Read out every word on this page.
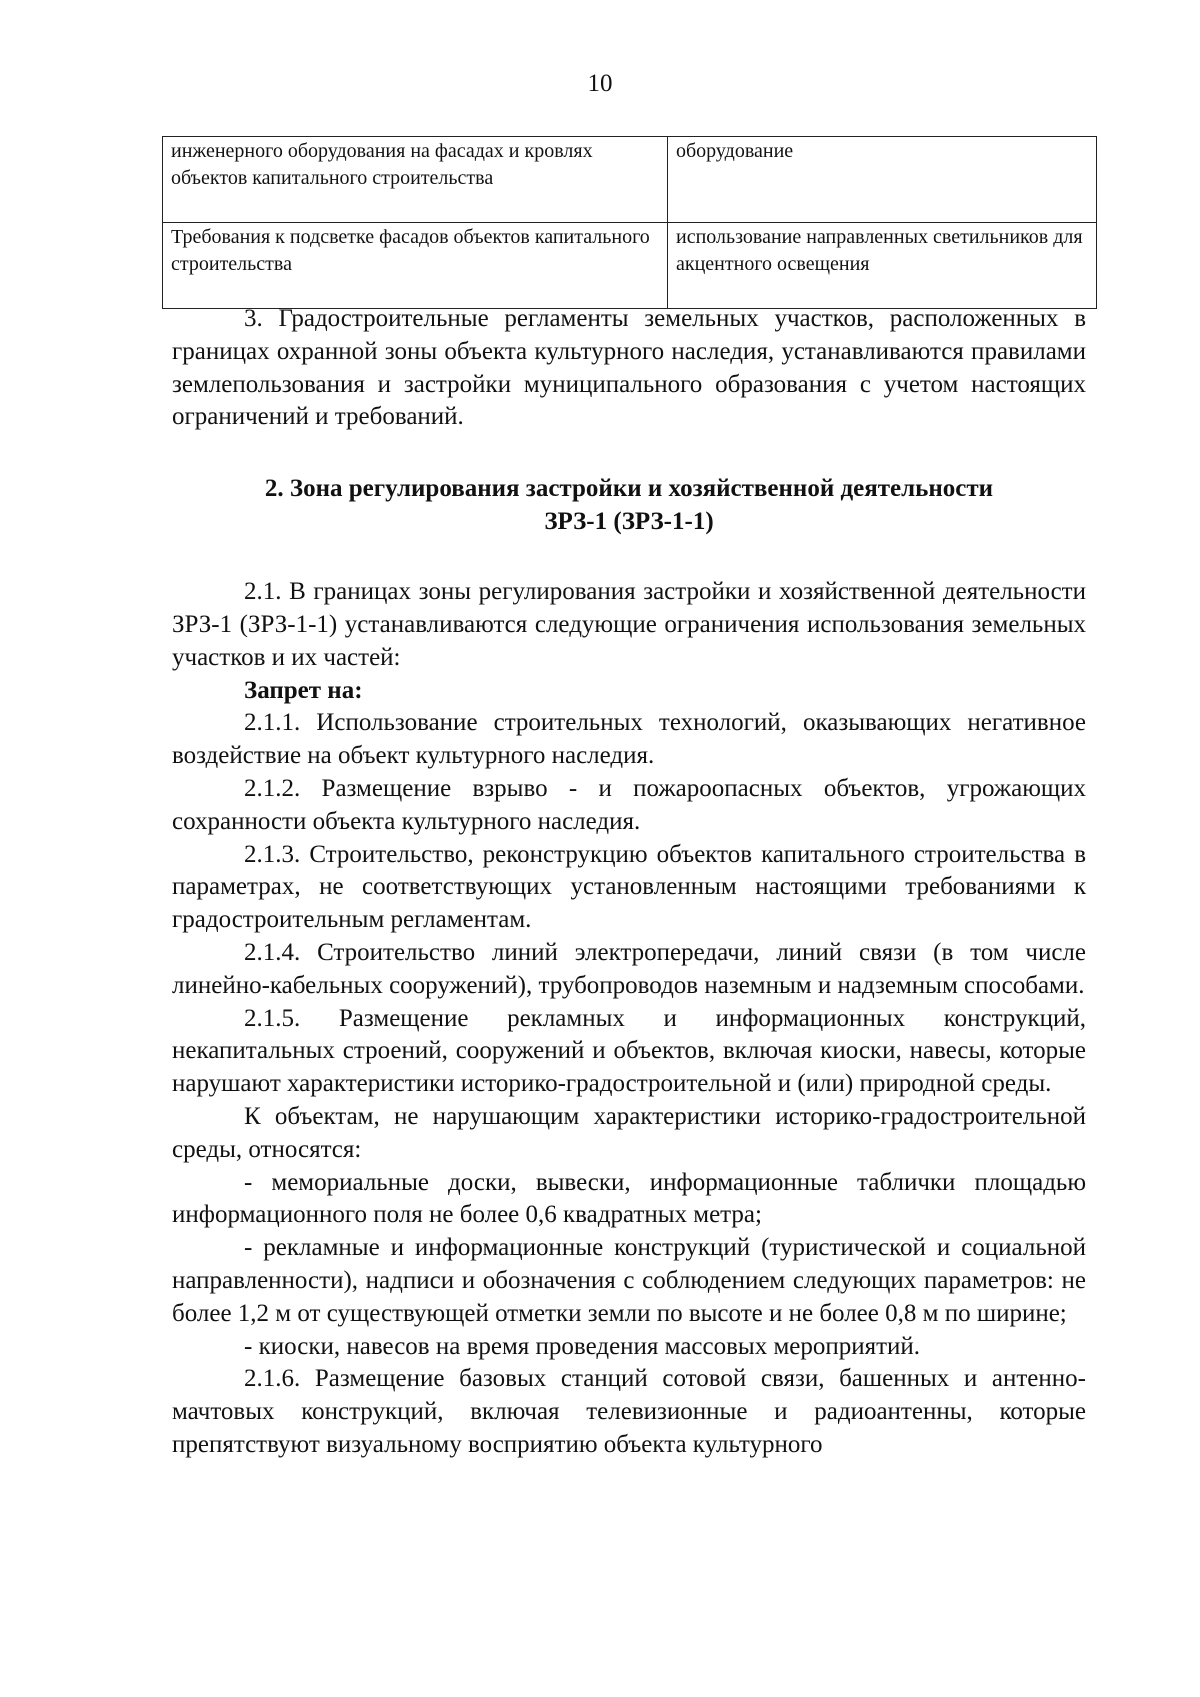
10
инженерного оборудования на фасадах и кровлях объектов капитального строительства	оборудование
Требования к подсветке фасадов объектов капитального строительства	использование направленных светильников для акцентного освещения

3. Градостроительные регламенты земельных участков, расположенных в границах охранной зоны объекта культурного наследия, устанавливаются правилами землепользования и застройки муниципального образования с учетом настоящих ограничений и требований.

2. Зона регулирования застройки и хозяйственной деятельности
ЗРЗ-1 (ЗРЗ-1-1)

2.1. В границах зоны регулирования застройки и хозяйственной деятельности ЗРЗ-1 (ЗРЗ-1-1) устанавливаются следующие ограничения использования земельных участков и их частей:

Запрет на:

2.1.1. Использование строительных технологий, оказывающих негативное воздействие на объект культурного наследия.

2.1.2. Размещение взрыво - и пожароопасных объектов, угрожающих сохранности объекта культурного наследия.

2.1.3. Строительство, реконструкцию объектов капитального строительства в параметрах, не соответствующих установленным настоящими требованиями к градостроительным регламентам.

2.1.4. Строительство линий электропередачи, линий связи (в том числе линейно-кабельных сооружений), трубопроводов наземным и надземным способами.

2.1.5. Размещение рекламных и информационных конструкций, некапитальных строений, сооружений и объектов, включая киоски, навесы, которые нарушают характеристики историко-градостроительной и (или) природной среды.

К объектам, не нарушающим характеристики историко-градостроительной среды, относятся:

- мемориальные доски, вывески, информационные таблички площадью информационного поля не более 0,6 квадратных метра;

- рекламные и информационные конструкций (туристической и социальной направленности), надписи и обозначения с соблюдением следующих параметров: не более 1,2 м от существующей отметки земли по высоте и не более 0,8 м по ширине;

- киоски, навесов на время проведения массовых мероприятий.

2.1.6. Размещение базовых станций сотовой связи, башенных и антенно-мачтовых конструкций, включая телевизионные и радиоантенны, которые препятствуют визуальному восприятию объекта культурного
